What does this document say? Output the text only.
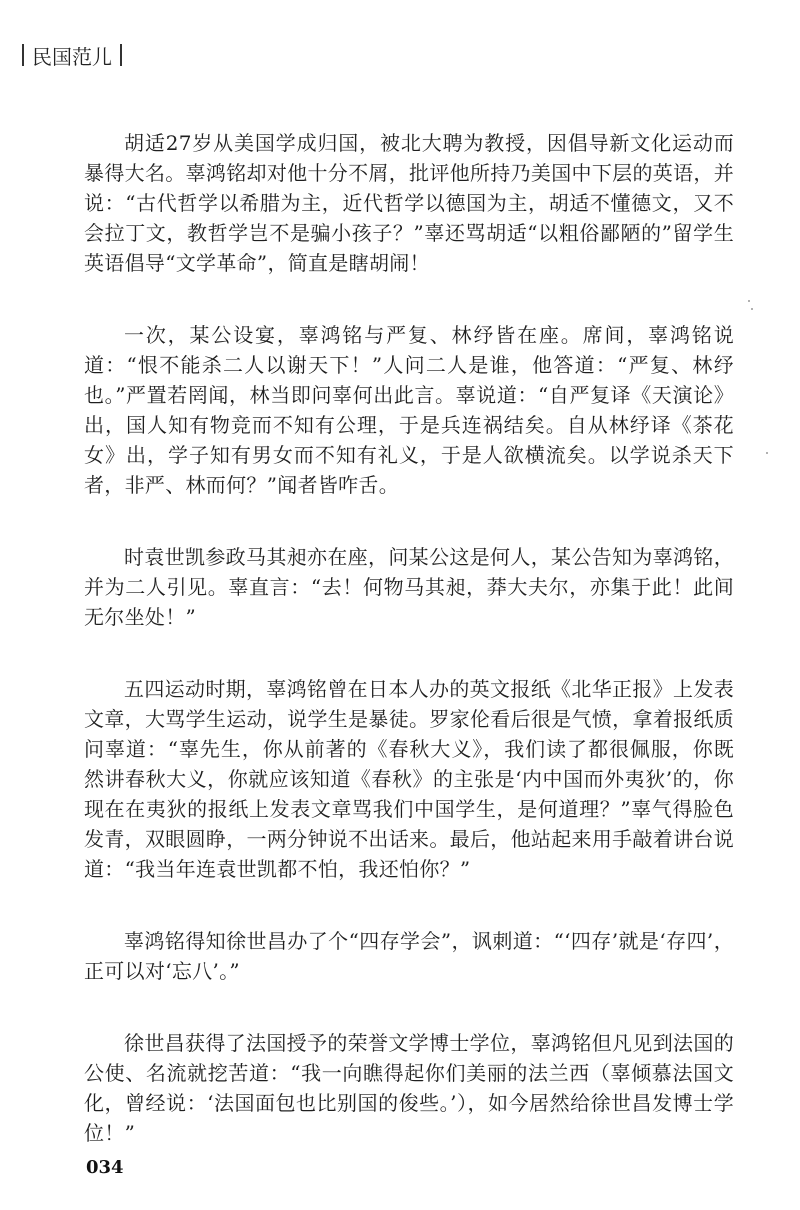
民国范儿

胡适27岁从美国学成归国，被北大聘为教授，因倡导新文化运动而暴得大名。辜鸿铭却对他十分不屑，批评他所持乃美国中下层的英语，并说：“古代哲学以希腊为主，近代哲学以德国为主，胡适不懂德文，又不会拉丁文，教哲学岂不是骗小孩子？”辜还骂胡适“以粗俗鄙陋的”留学生英语倡导“文学革命”，简直是瞎胡闹！

一次，某公设宴，辜鸿铭与严复、林纾皆在座。席间，辜鸿铭说道：“恨不能杀二人以谢天下！”人问二人是谁，他答道：“严复、林纾也。”严置若罔闻，林当即问辜何出此言。辜说道：“自严复译《天演论》出，国人知有物竞而不知有公理，于是兵连祸结矣。自从林纾译《茶花女》出，学子知有男女而不知有礼义，于是人欲横流矣。以学说杀天下者，非严、林而何？”闻者皆咋舌。

时袁世凯参政马其昶亦在座，问某公这是何人，某公告知为辜鸿铭，并为二人引见。辜直言：“去！何物马其昶，莽大夫尔，亦集于此！此间无尔坐处！”

五四运动时期，辜鸿铭曾在日本人办的英文报纸《北华正报》上发表文章，大骂学生运动，说学生是暴徒。罗家伦看后很是气愤，拿着报纸质问辜道：“辜先生，你从前著的《春秋大义》，我们读了都很佩服，你既然讲春秋大义，你就应该知道《春秋》的主张是‘内中国而外夷狄’的，你现在在夷狄的报纸上发表文章骂我们中国学生，是何道理？”辜气得脸色发青，双眼圆睁，一两分钟说不出话来。最后，他站起来用手敲着讲台说道：“我当年连袁世凯都不怕，我还怕你？”

辜鸿铭得知徐世昌办了个“四存学会”，讽刺道：“‘四存’就是‘存四’，正可以对‘忘八’。”

徐世昌获得了法国授予的荣誉文学博士学位，辜鸿铭但凡见到法国的公使、名流就挖苦道：“我一向瞧得起你们美丽的法兰西（辜倾慕法国文化，曾经说：‘法国面包也比别国的俊些。’），如今居然给徐世昌发博士学位！”

034
